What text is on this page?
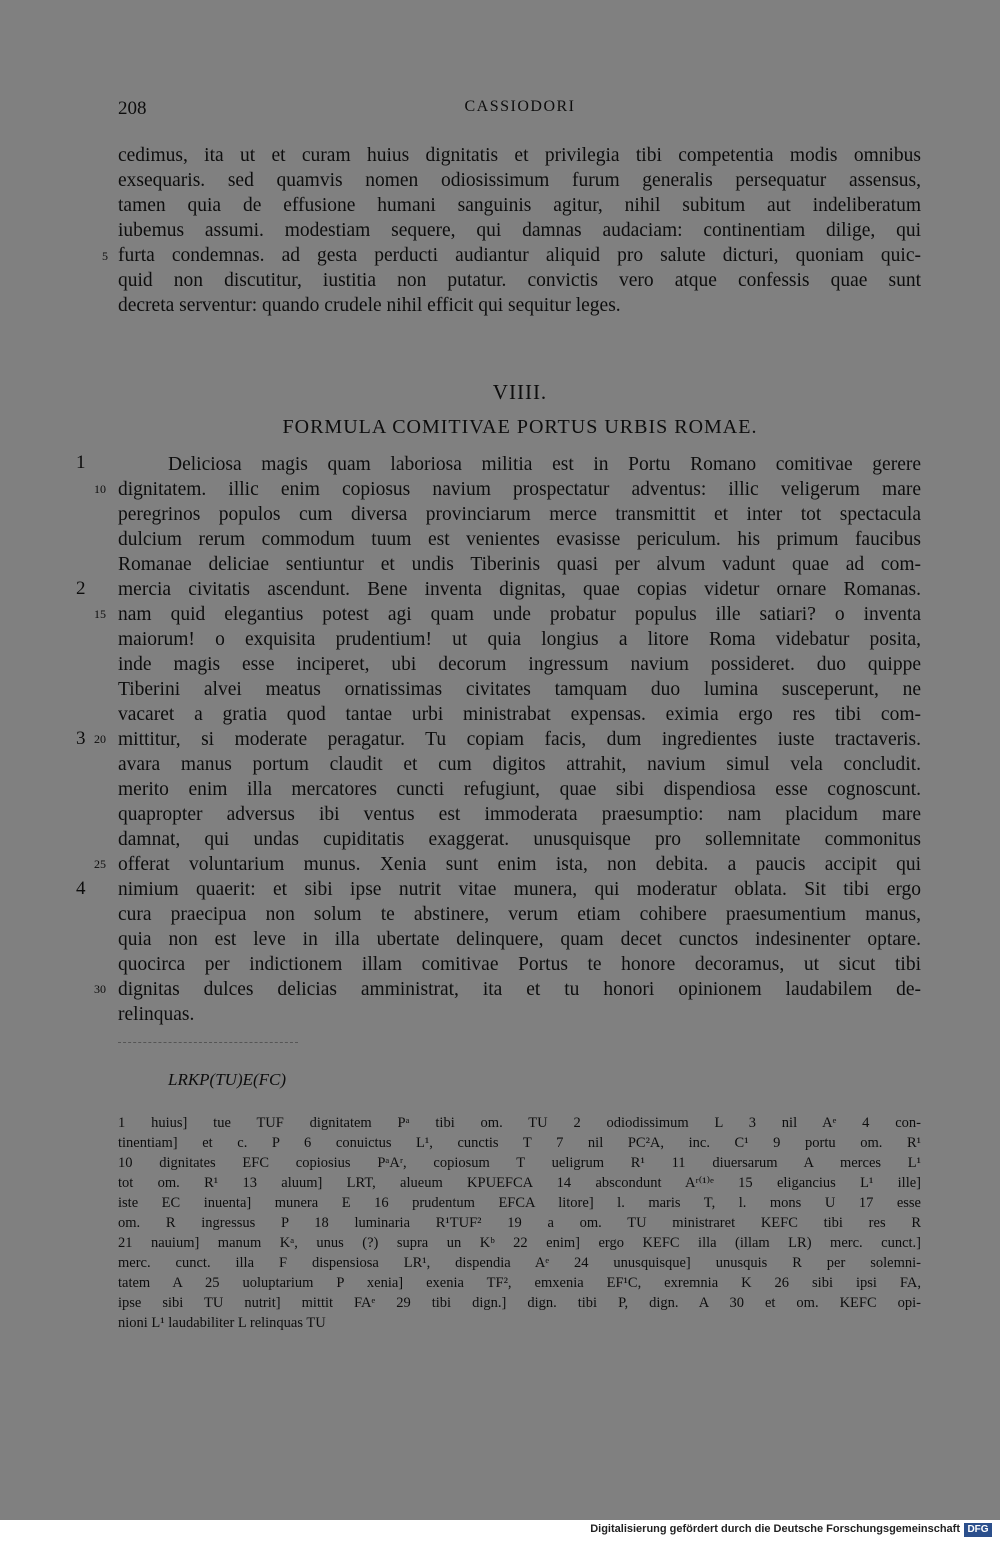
208	CASSIODORI
cedimus, ita ut et curam huius dignitatis et privilegia tibi competentia modis omnibus
exsequaris. sed quamvis nomen odiosissimum furum generalis persequatur assensus,
tamen quia de effusione humani sanguinis agitur, nihil subitum aut indeliberatum
iubemus assumi. modestiam sequere, qui damnas audaciam: continentiam dilige, qui
5 furta condemnas. ad gesta perducti audiantur aliquid pro salute dicturi, quoniam quic-
quid non discutitur, iustitia non putatur. convictis vero atque confessis quae sunt
decreta serventur: quando crudele nihil efficit qui sequitur leges.
VIIII.
FORMULA COMITIVAE PORTUS URBIS ROMAE.
1
2
3
4
10
15
20
25
30
Deliciosa magis quam laboriosa militia est in Portu Romano comitivae gerere
dignitatem. illic enim copiosus navium prospectatur adventus: illic veligerum mare
peregrinos populos cum diversa provinciarum merce transmittit et inter tot spectacula
dulcium rerum commodum tuum est venientes evasisse periculum. his primum faucibus
Romanae deliciae sentiuntur et undis Tiberinis quasi per alvum vadunt quae ad com-
mercia civitatis ascendunt. Bene inventa dignitas, quae copias videtur ornare Romanas.
nam quid elegantius potest agi quam unde probatur populus ille satiari? o inventa
maiorum! o exquisita prudentium! ut quia longius a litore Roma videbatur posita,
inde magis esse inciperet, ubi decorum ingressum navium possideret. duo quippe
Tiberini alvei meatus ornatissimas civitates tamquam duo lumina susceperunt, ne
vacaret a gratia quod tantae urbi ministrabat expensas. eximia ergo res tibi com-
mittitur, si moderate peragatur. Tu copiam facis, dum ingredientes iuste tractaveris.
avara manus portum claudit et cum digitos attrahit, navium simul vela concludit.
merito enim illa mercatores cuncti refugiunt, quae sibi dispendiosa esse cognoscunt.
quapropter adversus ibi ventus est immoderata praesumptio: nam placidum mare
damnat, qui undas cupiditatis exaggerat. unusquisque pro sollemnitate commonitus
offerat voluntarium munus. Xenia sunt enim ista, non debita. a paucis accipit qui
nimium quaerit: et sibi ipse nutrit vitae munera, qui moderatur oblata. Sit tibi ergo
cura praecipua non solum te abstinere, verum etiam cohibere praesumentium manus,
quia non est leve in illa ubertate delinquere, quam decet cunctos indesinenter optare.
quocirca per indictionem illam comitivae Portus te honore decoramus, ut sicut tibi
dignitas dulces delicias amministrat, ita et tu honori opinionem laudabilem de-
relinquas.
LRKP(TU)E(FC)
1 huius] tue TUF dignitatem Pᵃ tibi om. TU 2 odiodissimum L 3 nil Aᵉ 4 con-
tinentiam] et c. P 6 conuictus L¹, cunctis T 7 nil PC²A, inc. C¹ 9 portu om. R¹
10 dignitates EFC copiosius PᵃAʳ, copiosum T ueligrum R¹ 11 diuersarum A merces L¹
tot om. R¹ 13 aluum] LRT, alueum KPUEFCA 14 abscondunt Aʳ⁽¹⁾ᵉ 15 eligancius L¹ ille]
iste EC inuenta] munera E 16 prudentum EFCA litore] l. maris T, l. mons U 17 esse
om. R ingressus P 18 luminaria R¹TUF² 19 a om. TU ministraret KEFC tibi res R
21 nauium] manum Kᵃ, unus (?) supra un Kᵇ 22 enim] ergo KEFC illa (illam LR) merc. cunct.]
merc. cunct. illa F dispensiosa LR¹, dispendia Aᵉ 24 unusquisque] unusquis R per solemni-
tatem A 25 uoluptarium P xenia] exenia TF², emxenia EF¹C, exremnia K 26 sibi ipsi FA,
ipse sibi TU nutrit] mittit FAᵉ 29 tibi dign.] dign. tibi P, dign. A 30 et om. KEFC opi-
nioni L¹ laudabiliter L relinquas TU
Digitalisierung gefördert durch die Deutsche Forschungsgemeinschaft DFG
